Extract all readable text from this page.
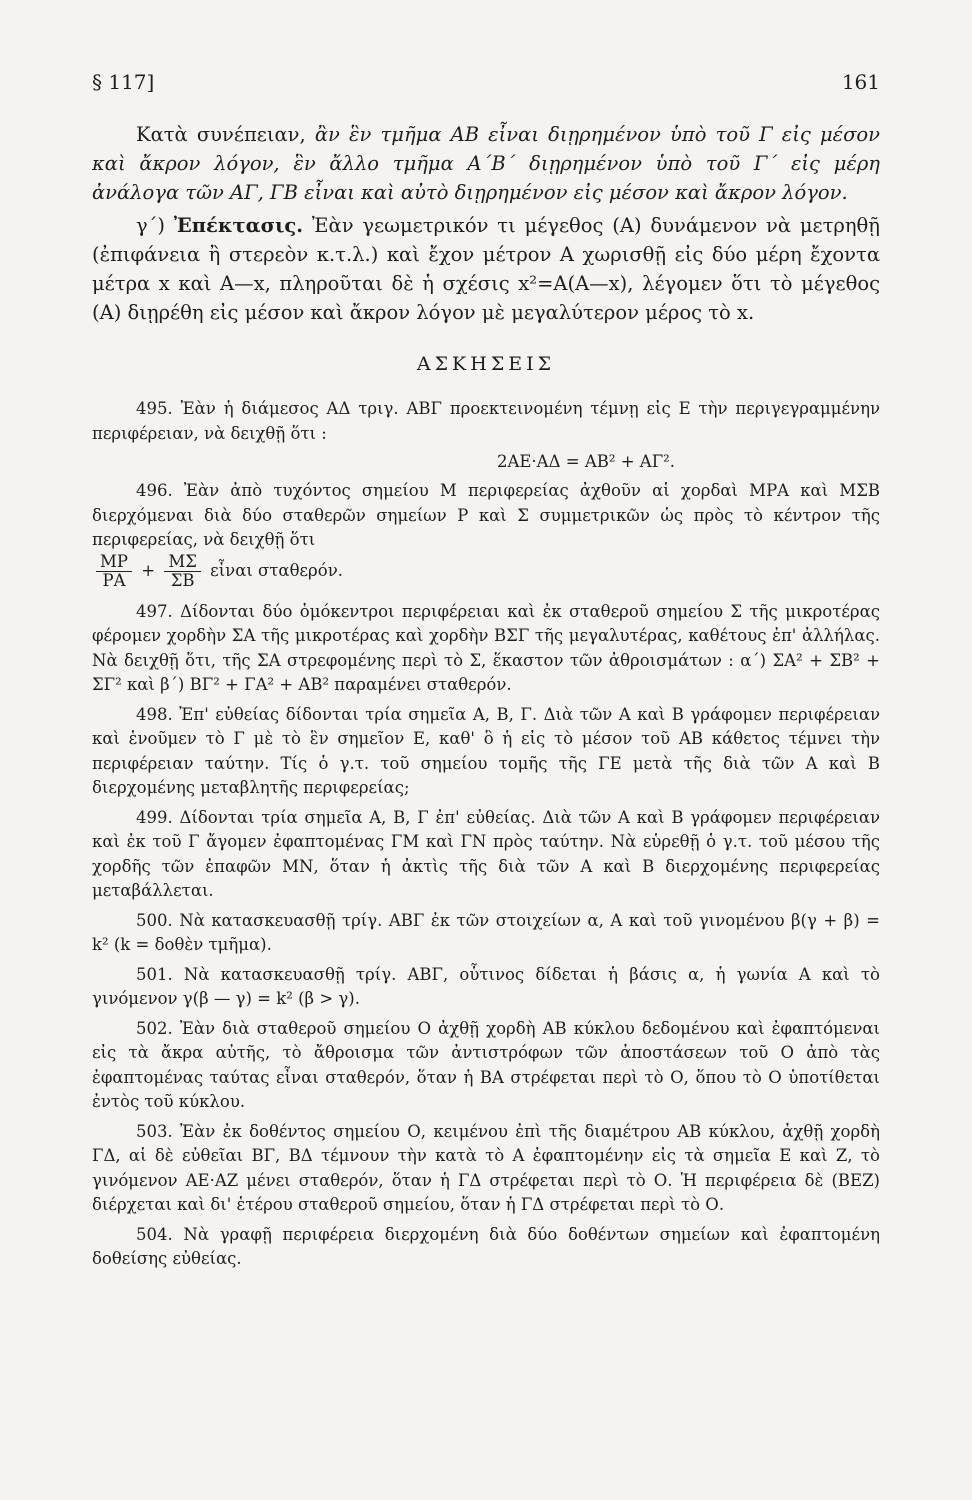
§ 117]	161

Κατὰ συνέπειαν, ἂν ἓν τμῆμα ΑΒ εἶναι διῃρημένον ὑπὸ τοῦ Γ εἰς μέσον καὶ ἄκρον λόγον, ἓν ἄλλο τμῆμα Α΄Β΄ διῃρημένον ὑπὸ τοῦ Γ΄ εἰς μέρη ἀνάλογα τῶν ΑΓ, ΓΒ εἶναι καὶ αὐτὸ διῃρημένον εἰς μέσον καὶ ἄκρον λόγον.

γ΄) Ἐπέκτασις. Ἐὰν γεωμετρικόν τι μέγεθος (Α) δυνάμενον νὰ μετρηθῇ (ἐπιφάνεια ἢ στερεὸν κ.τ.λ.) καὶ ἔχον μέτρον Α χωρισθῇ εἰς δύο μέρη ἔχοντα μέτρα x καὶ Α—x, πληροῦται δὲ ἡ σχέσις x²=Α(Α—x), λέγομεν ὅτι τὸ μέγεθος (Α) διῃρέθη εἰς μέσον καὶ ἄκρον λόγον μὲ μεγαλύτερον μέρος τὸ x.

ΑΣΚΗΣΕΙΣ

495. Ἐὰν ἡ διάμεσος ΑΔ τριγ. ΑΒΓ προεκτεινομένη τέμνῃ εἰς Ε τὴν περιγεγραμμένην περιφέρειαν, νὰ δειχθῇ ὅτι :

2ΑΕ·ΑΔ = ΑΒ² + ΑΓ².

496. Ἐὰν ἀπὸ τυχόντος σημείου Μ περιφερείας ἀχθοῦν αἱ χορδαὶ ΜΡΑ καὶ ΜΣΒ διερχόμεναι διὰ δύο σταθερῶν σημείων Ρ καὶ Σ συμμετρικῶν ὡς πρὸς τὸ κέντρον τῆς περιφερείας, νὰ δειχθῇ ὅτι

$\frac{MP}{PA} + \frac{M\Sigma}{\Sigma B}$ εἶναι σταθερόν.

497. Δίδονται δύο ὁμόκεντροι περιφέρειαι καὶ ἐκ σταθεροῦ σημείου Σ τῆς μικροτέρας φέρομεν χορδὴν ΣΑ τῆς μικροτέρας καὶ χορδὴν ΒΣΓ τῆς μεγαλυτέρας, καθέτους ἐπ' ἀλλήλας. Νὰ δειχθῇ ὅτι, τῆς ΣΑ στρεφομένης περὶ τὸ Σ, ἕκαστον τῶν ἀθροισμάτων : α΄) ΣΑ² + ΣΒ² + ΣΓ² καὶ β΄) ΒΓ² + ΓΑ² + ΑΒ² παραμένει σταθερόν.

498. Ἐπ' εὐθείας δίδονται τρία σημεῖα Α, Β, Γ. Διὰ τῶν Α καὶ Β γράφομεν περιφέρειαν καὶ ἑνοῦμεν τὸ Γ μὲ τὸ ἓν σημεῖον Ε, καθ' ὃ ἡ εἰς τὸ μέσον τοῦ ΑΒ κάθετος τέμνει τὴν περιφέρειαν ταύτην. Τίς ὁ γ.τ. τοῦ σημείου τομῆς τῆς ΓΕ μετὰ τῆς διὰ τῶν Α καὶ Β διερχομένης μεταβλητῆς περιφερείας;

499. Δίδονται τρία σημεῖα Α, Β, Γ ἐπ' εὐθείας. Διὰ τῶν Α καὶ Β γράφομεν περιφέρειαν καὶ ἐκ τοῦ Γ ἄγομεν ἐφαπτομένας ΓΜ καὶ ΓΝ πρὸς ταύτην. Νὰ εὑρεθῇ ὁ γ.τ. τοῦ μέσου τῆς χορδῆς τῶν ἐπαφῶν ΜΝ, ὅταν ἡ ἀκτὶς τῆς διὰ τῶν Α καὶ Β διερχομένης περιφερείας μεταβάλλεται.

500. Νὰ κατασκευασθῇ τρίγ. ΑΒΓ ἐκ τῶν στοιχείων α, Α καὶ τοῦ γινομένου β(γ + β) = k² (k = δοθὲν τμῆμα).

501. Νὰ κατασκευασθῇ τρίγ. ΑΒΓ, οὗτινος δίδεται ἡ βάσις α, ἡ γωνία Α καὶ τὸ γινόμενον γ(β — γ) = k² (β > γ).

502. Ἐὰν διὰ σταθεροῦ σημείου Ο ἀχθῇ χορδὴ ΑΒ κύκλου δεδομένου καὶ ἐφαπτόμεναι εἰς τὰ ἄκρα αὐτῆς, τὸ ἄθροισμα τῶν ἀντιστρόφων τῶν ἀποστάσεων τοῦ Ο ἀπὸ τὰς ἐφαπτομένας ταύτας εἶναι σταθερόν, ὅταν ἡ ΒΑ στρέφεται περὶ τὸ Ο, ὅπου τὸ Ο ὑποτίθεται ἐντὸς τοῦ κύκλου.

503. Ἐὰν ἐκ δοθέντος σημείου Ο, κειμένου ἐπὶ τῆς διαμέτρου ΑΒ κύκλου, ἀχθῇ χορδὴ ΓΔ, αἱ δὲ εὐθεῖαι ΒΓ, ΒΔ τέμνουν τὴν κατὰ τὸ Α ἐφαπτομένην εἰς τὰ σημεῖα Ε καὶ Ζ, τὸ γινόμενον ΑΕ·ΑΖ μένει σταθερόν, ὅταν ἡ ΓΔ στρέφεται περὶ τὸ Ο. Ἡ περιφέρεια δὲ (ΒΕΖ) διέρχεται καὶ δι' ἑτέρου σταθεροῦ σημείου, ὅταν ἡ ΓΔ στρέφεται περὶ τὸ Ο.

504. Νὰ γραφῇ περιφέρεια διερχομένη διὰ δύο δοθέντων σημείων καὶ ἐφαπτομένη δοθείσης εὐθείας.
